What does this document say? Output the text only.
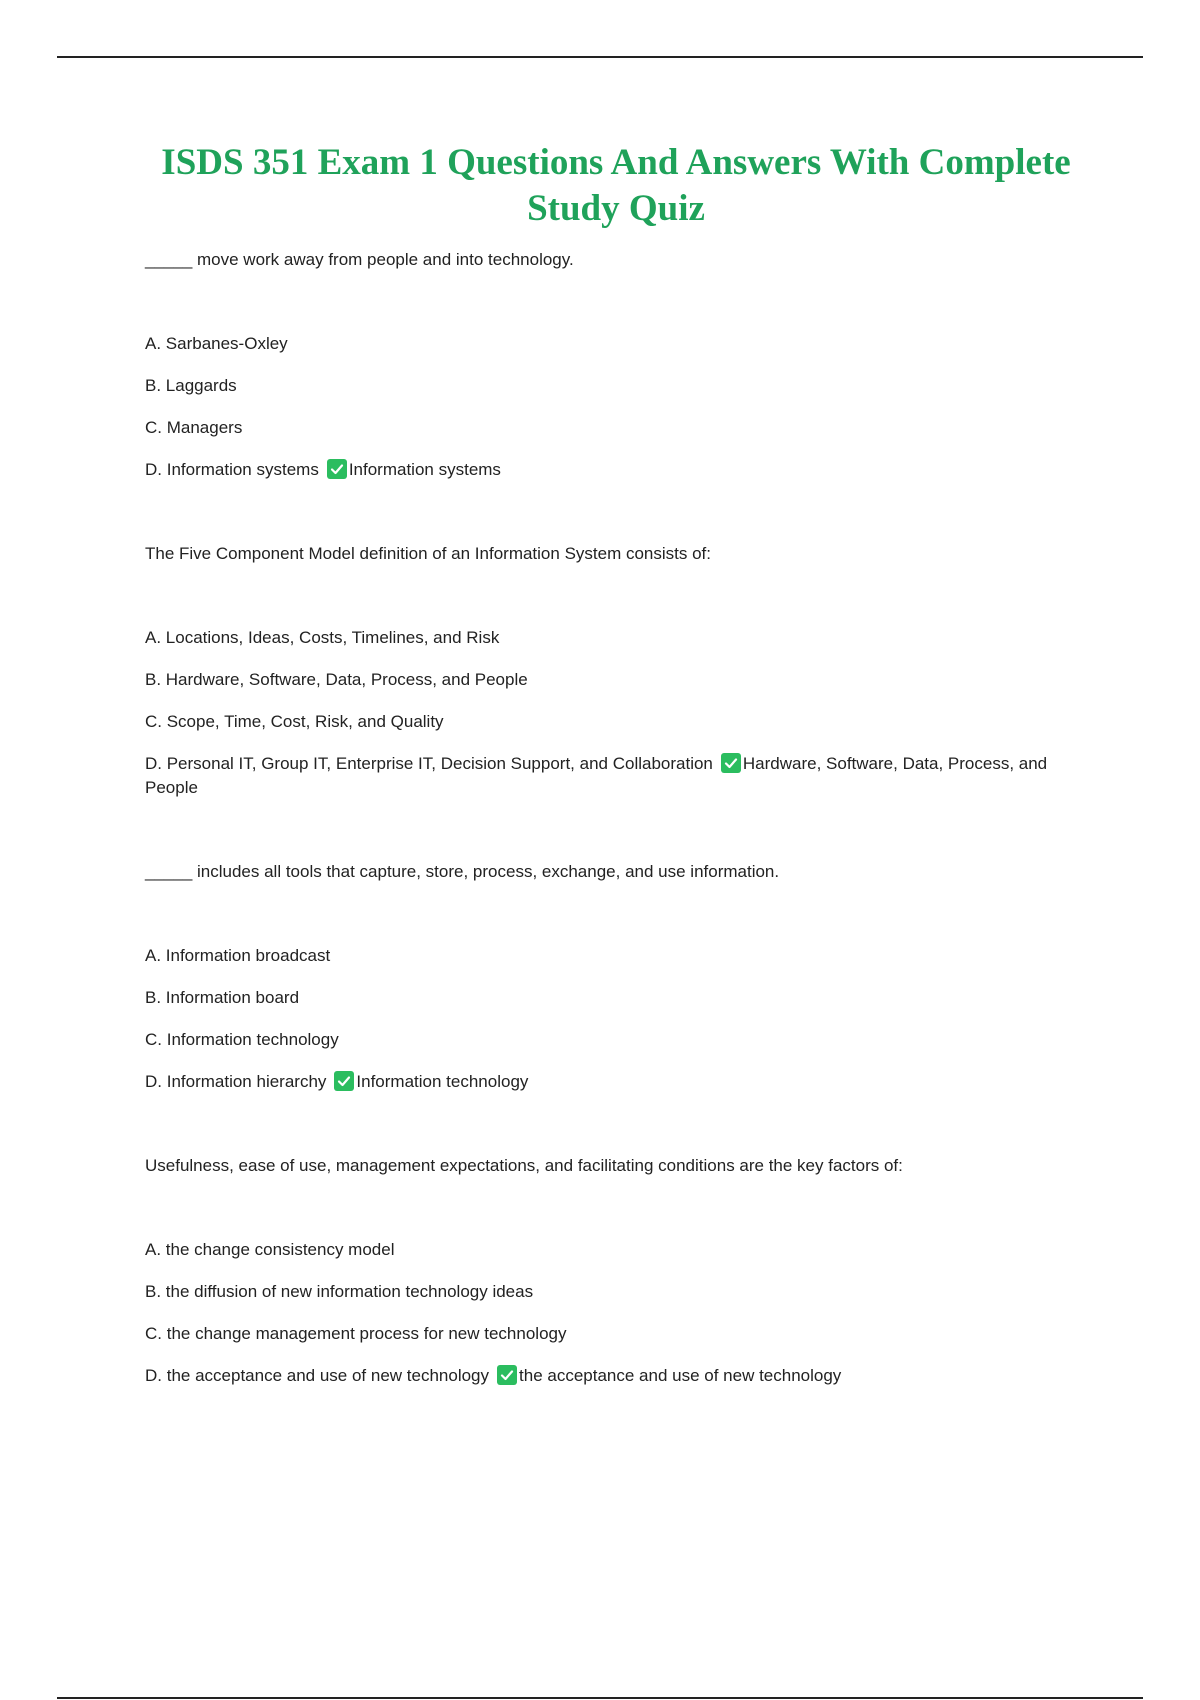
ISDS 351 Exam 1 Questions And Answers With Complete Study Quiz

_____ move work away from people and into technology.

A. Sarbanes-Oxley

B. Laggards

C. Managers

D. Information systems Information systems

The Five Component Model definition of an Information System consists of:

A. Locations, Ideas, Costs, Timelines, and Risk

B. Hardware, Software, Data, Process, and People

C. Scope, Time, Cost, Risk, and Quality

D. Personal IT, Group IT, Enterprise IT, Decision Support, and Collaboration Hardware, Software, Data, Process, and People

_____ includes all tools that capture, store, process, exchange, and use information.

A. Information broadcast

B. Information board

C. Information technology

D. Information hierarchy Information technology

Usefulness, ease of use, management expectations, and facilitating conditions are the key factors of:

A. the change consistency model

B. the diffusion of new information technology ideas

C. the change management process for new technology

D. the acceptance and use of new technology the acceptance and use of new technology
